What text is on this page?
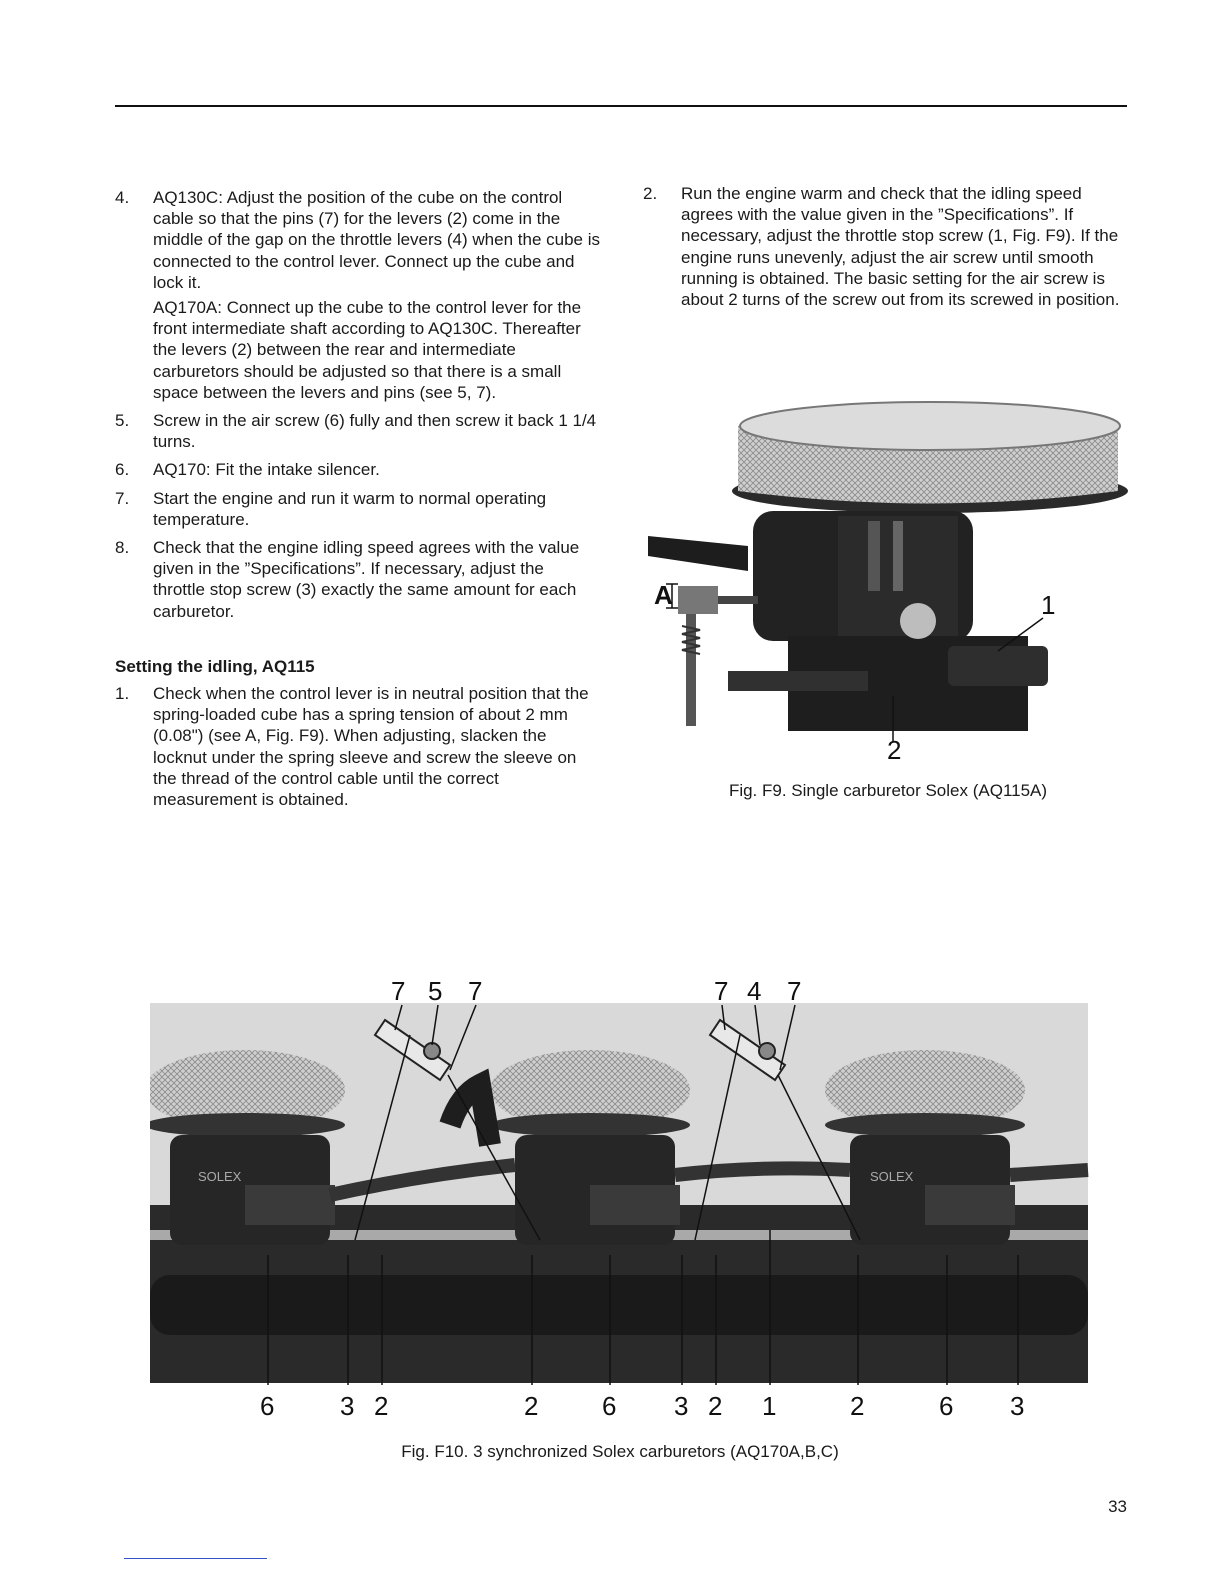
4.	AQ130C: Adjust the position of the cube on the control cable so that the pins (7) for the levers (2) come in the middle of the gap on the throttle levers (4) when the cube is connected to the control lever. Connect up the cube and lock it.

AQ170A: Connect up the cube to the control lever for the front intermediate shaft according to AQ130C. Thereafter the levers (2) between the rear and intermediate carburetors should be adjusted so that there is a small space between the levers and pins (see 5, 7).

5.	Screw in the air screw (6) fully and then screw it back 1 1/4 turns.

6.	AQ170: Fit the intake silencer.

7.	Start the engine and run it warm to normal operating temperature.

8.	Check that the engine idling speed agrees with the value given in the ”Specifications”. If necessary, adjust the throttle stop screw (3) exactly the same amount for each carburetor.

Setting the idling, AQ115
1.	Check when the control lever is in neutral position that the spring-loaded cube has a spring tension of about 2 mm (0.08") (see A, Fig. F9). When adjusting, slacken the locknut under the spring sleeve and screw the sleeve on the thread of the control cable until the correct measurement is obtained.

2.	Run the engine warm and check that the idling speed agrees with the value given in the ”Specifications”. If necessary, adjust the throttle stop screw (1, Fig. F9). If the engine runs unevenly, adjust the air screw until smooth running is obtained. The basic setting for the air screw is about 2 turns of the screw out from its screwed in position.

A	1
2
Fig. F9. Single carburetor Solex (AQ115A)
SOLEX	SOLEX
7 5 7	7 4 7
6	3 2	2 6 3 2 1	2	6 3
Fig. F10. 3 synchronized Solex carburetors (AQ170A,B,C)
33
